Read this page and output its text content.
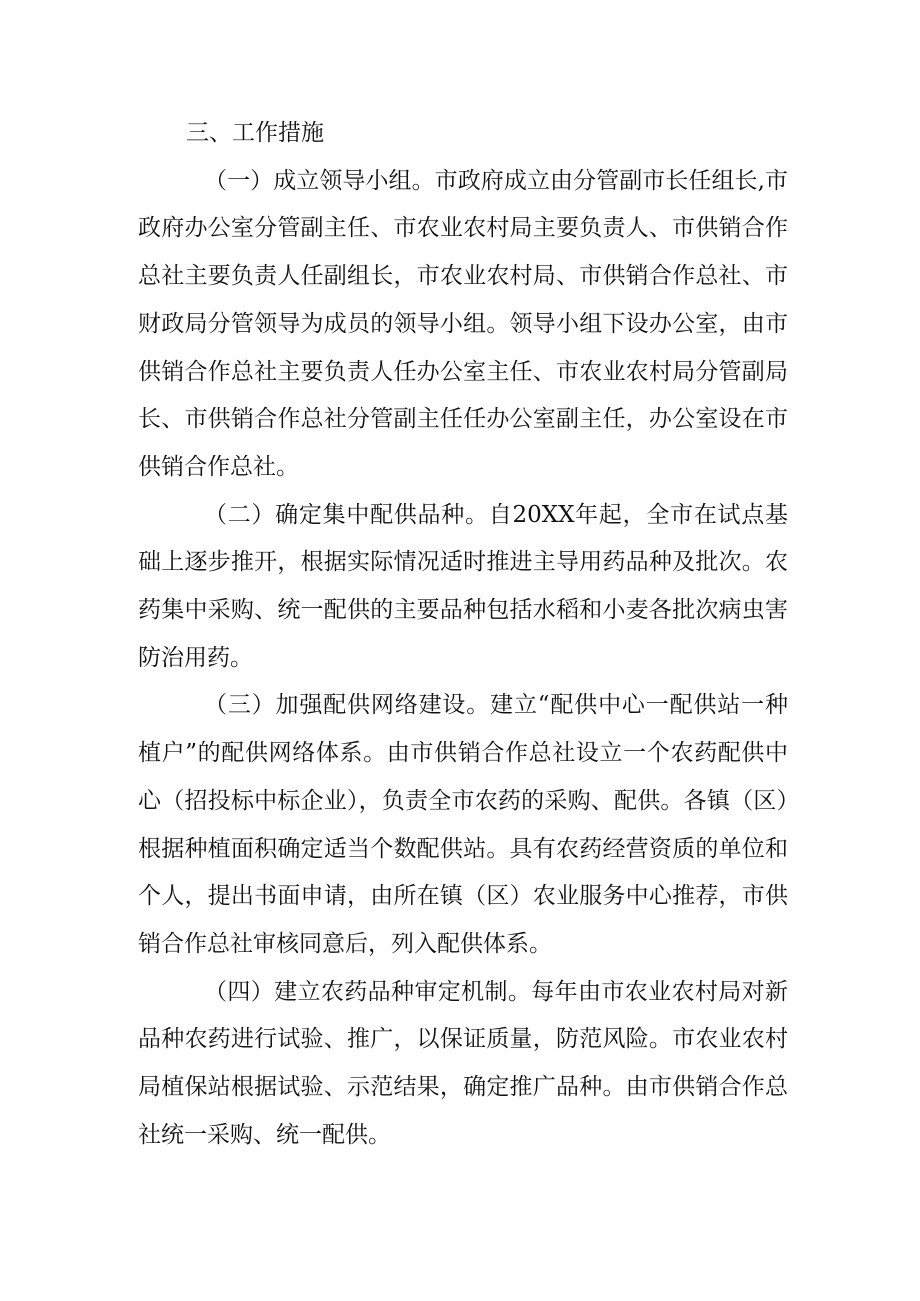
三、工作措施

（一）成立领导小组。市政府成立由分管副市长任组长,市政府办公室分管副主任、市农业农村局主要负责人、市供销合作总社主要负责人任副组长，市农业农村局、市供销合作总社、市财政局分管领导为成员的领导小组。领导小组下设办公室，由市供销合作总社主要负责人任办公室主任、市农业农村局分管副局长、市供销合作总社分管副主任任办公室副主任，办公室设在市供销合作总社。

（二）确定集中配供品种。自20XX年起，全市在试点基础上逐步推开，根据实际情况适时推进主导用药品种及批次。农药集中采购、统一配供的主要品种包括水稻和小麦各批次病虫害防治用药。

（三）加强配供网络建设。建立“配供中心一配供站一种植户”的配供网络体系。由市供销合作总社设立一个农药配供中心（招投标中标企业），负责全市农药的采购、配供。各镇（区）根据种植面积确定适当个数配供站。具有农药经营资质的单位和个人，提出书面申请，由所在镇（区）农业服务中心推荐，市供销合作总社审核同意后，列入配供体系。

（四）建立农药品种审定机制。每年由市农业农村局对新品种农药进行试验、推广，以保证质量，防范风险。市农业农村局植保站根据试验、示范结果，确定推广品种。由市供销合作总社统一采购、统一配供。
